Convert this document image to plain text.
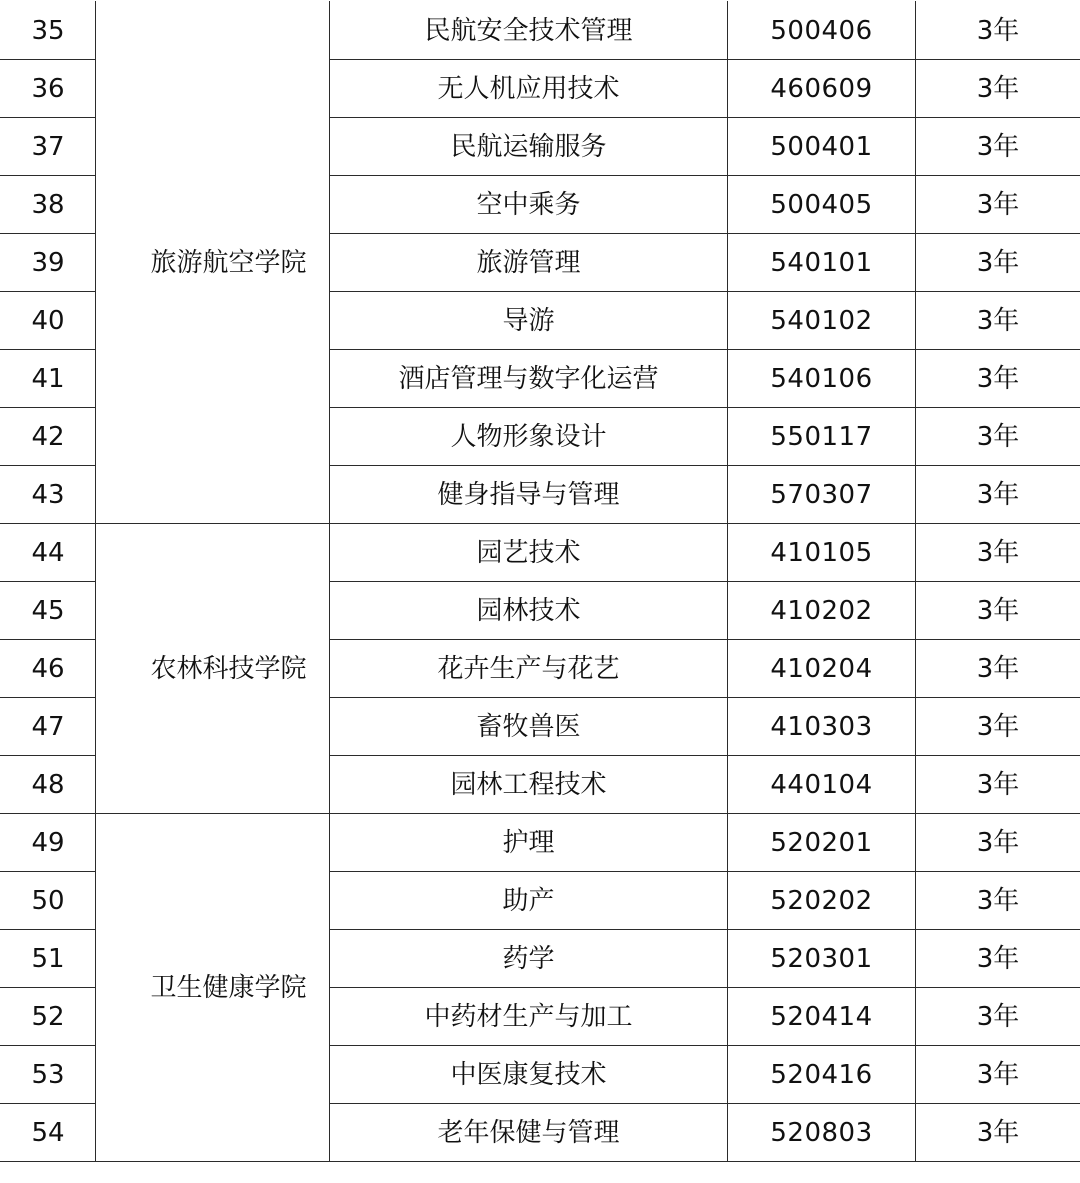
35	旅游航空学院	民航安全技术管理	500406	3年
36		无人机应用技术	460609	3年
37		民航运输服务	500401	3年
38		空中乘务	500405	3年
39		旅游管理	540101	3年
40		导游	540102	3年
41		酒店管理与数字化运营	540106	3年
42		人物形象设计	550117	3年
43		健身指导与管理	570307	3年
44	农林科技学院	园艺技术	410105	3年
45		园林技术	410202	3年
46		花卉生产与花艺	410204	3年
47		畜牧兽医	410303	3年
48		园林工程技术	440104	3年
49	卫生健康学院	护理	520201	3年
50		助产	520202	3年
51		药学	520301	3年
52		中药材生产与加工	520414	3年
53		中医康复技术	520416	3年
54		老年保健与管理	520803	3年
